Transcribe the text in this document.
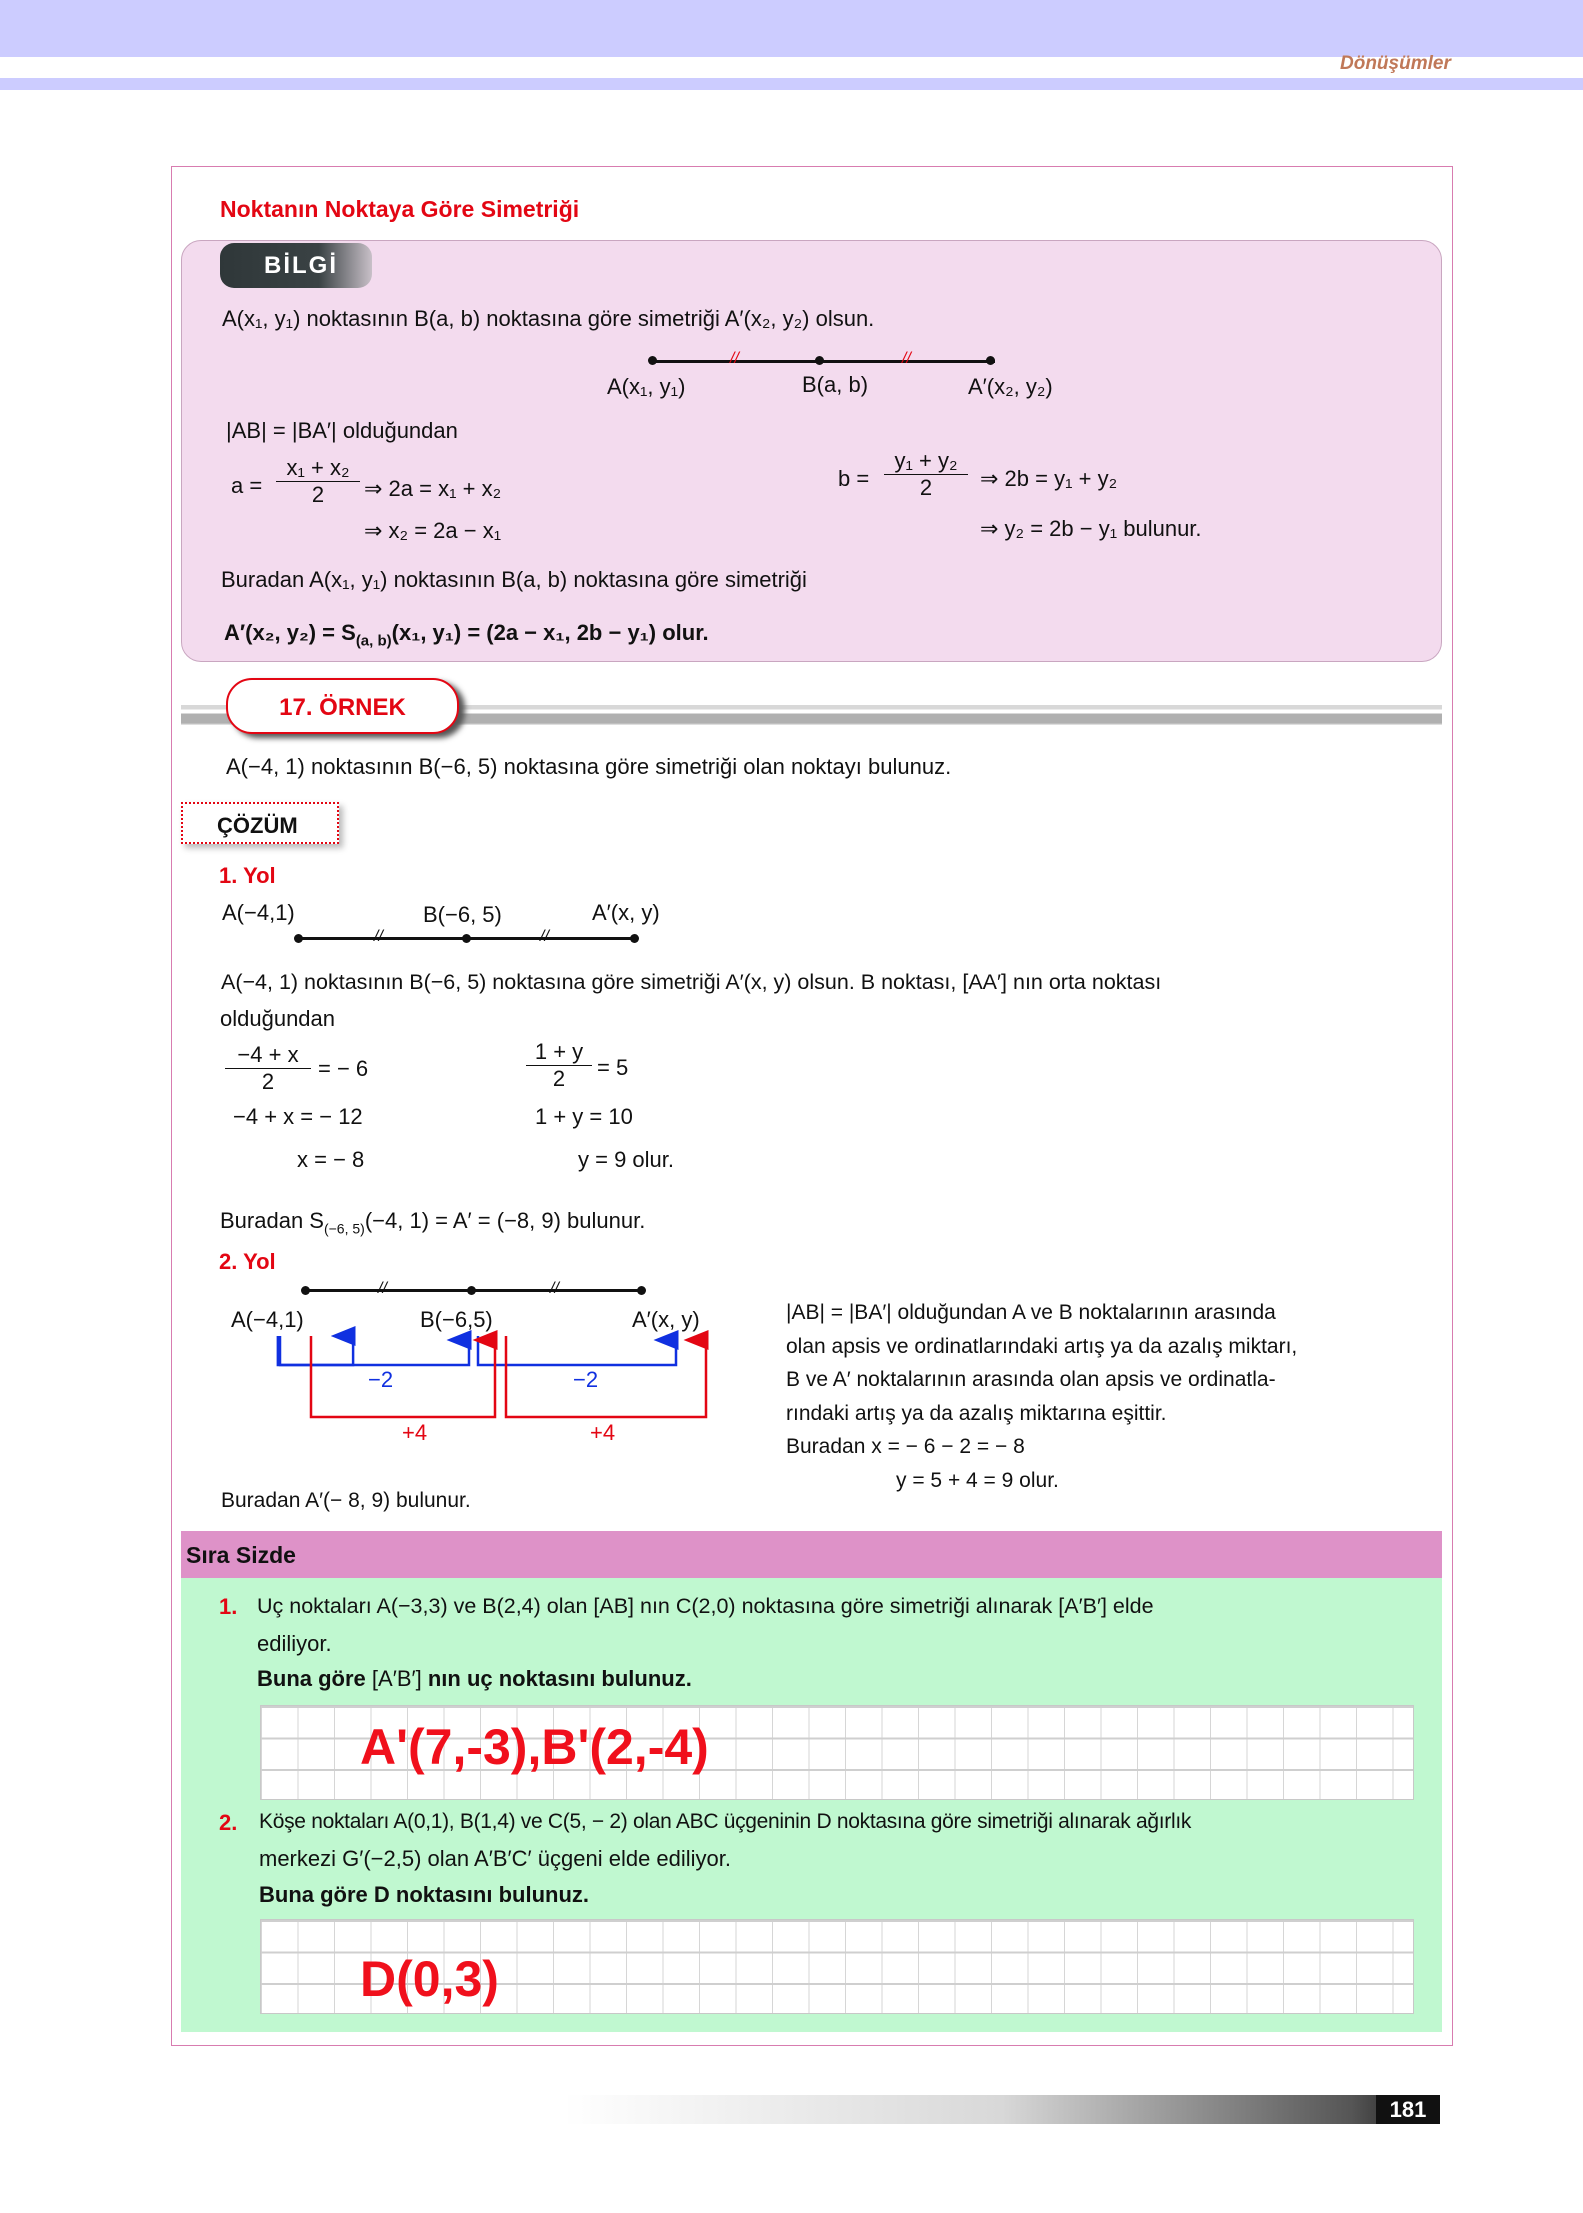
Dönüşümler
Noktanın Noktaya Göre Simetriği
BİLGİ
A(x₁, y₁) noktasının B(a, b) noktasına göre simetriği A′(x₂, y₂) olsun.
//	//
A(x₁, y₁)	B(a, b)	A′(x₂, y₂)
|AB| = |BA′| olduğundan
$a = \frac{\text{x₁ + x₂}}{2}$ ⇒ 2a = x₁ + x₂
⇒ x₂ = 2a − x₁
$b = \frac{\text{y₁ + y₂}}{2}$ ⇒ 2b = y₁ + y₂
⇒ y₂ = 2b − y₁ bulunur.
Buradan A(x₁, y₁) noktasının B(a, b) noktasına göre simetriği
A′(x₂, $y_2) = S_{(a, b)}(x_1$, y₁) = (2a − x₁, 2b − y₁) olur.
17. ÖRNEK
A(−4, 1) noktasının B(−6, 5) noktasına göre simetriği olan noktayı bulunuz.
ÇÖZÜM
1. Yol
A(−4,1)	B(−6, 5)	A′(x, y)
//	//
A(−4, 1) noktasının B(−6, 5) noktasına göre simetriği A′(x, y) olsun. B noktası, [AA′] nın orta noktası
olduğundan
$\frac{-4 + x}{2}$ = − 6
−4 + x = − 12
x = − 8
$\frac{1 + y}{2} = 5$
1 + y = 10
y = 9 olur.
Buradan $S_{(-6, 5)}(-4$, 1) = A′ = (−8, 9) bulunur.
2. Yol
//	//
A(−4,1)	B(−6,5)	A′(x, y)
−2	−2
+4	+4
|AB| = |BA′| olduğundan A ve B noktalarının arasında
olan apsis ve ordinatlarındaki artış ya da azalış miktarı,
B ve A′ noktalarının arasında olan apsis ve ordinatla-
rındaki artış ya da azalış miktarına eşittir.
Buradan x = − 6 − 2 = − 8
y = 5 + 4 = 9 olur.
Buradan A′(− 8, 9) bulunur.
Sıra Sizde
1. Uç noktaları A(−3,3) ve B(2,4) olan [AB] nın C(2,0) noktasına göre simetriği alınarak [A′B′] elde
ediliyor.
Buna göre [A′B′] nın uç noktasını bulunuz.
A'(7,-3),B'(2,-4)
2. Köşe noktaları A(0,1), B(1,4) ve C(5, − 2) olan ABC üçgeninin D noktasına göre simetriği alınarak ağırlık
merkezi G′(−2,5) olan A′B′C′ üçgeni elde ediliyor.
Buna göre D noktasını bulunuz.
D(0,3)
181
